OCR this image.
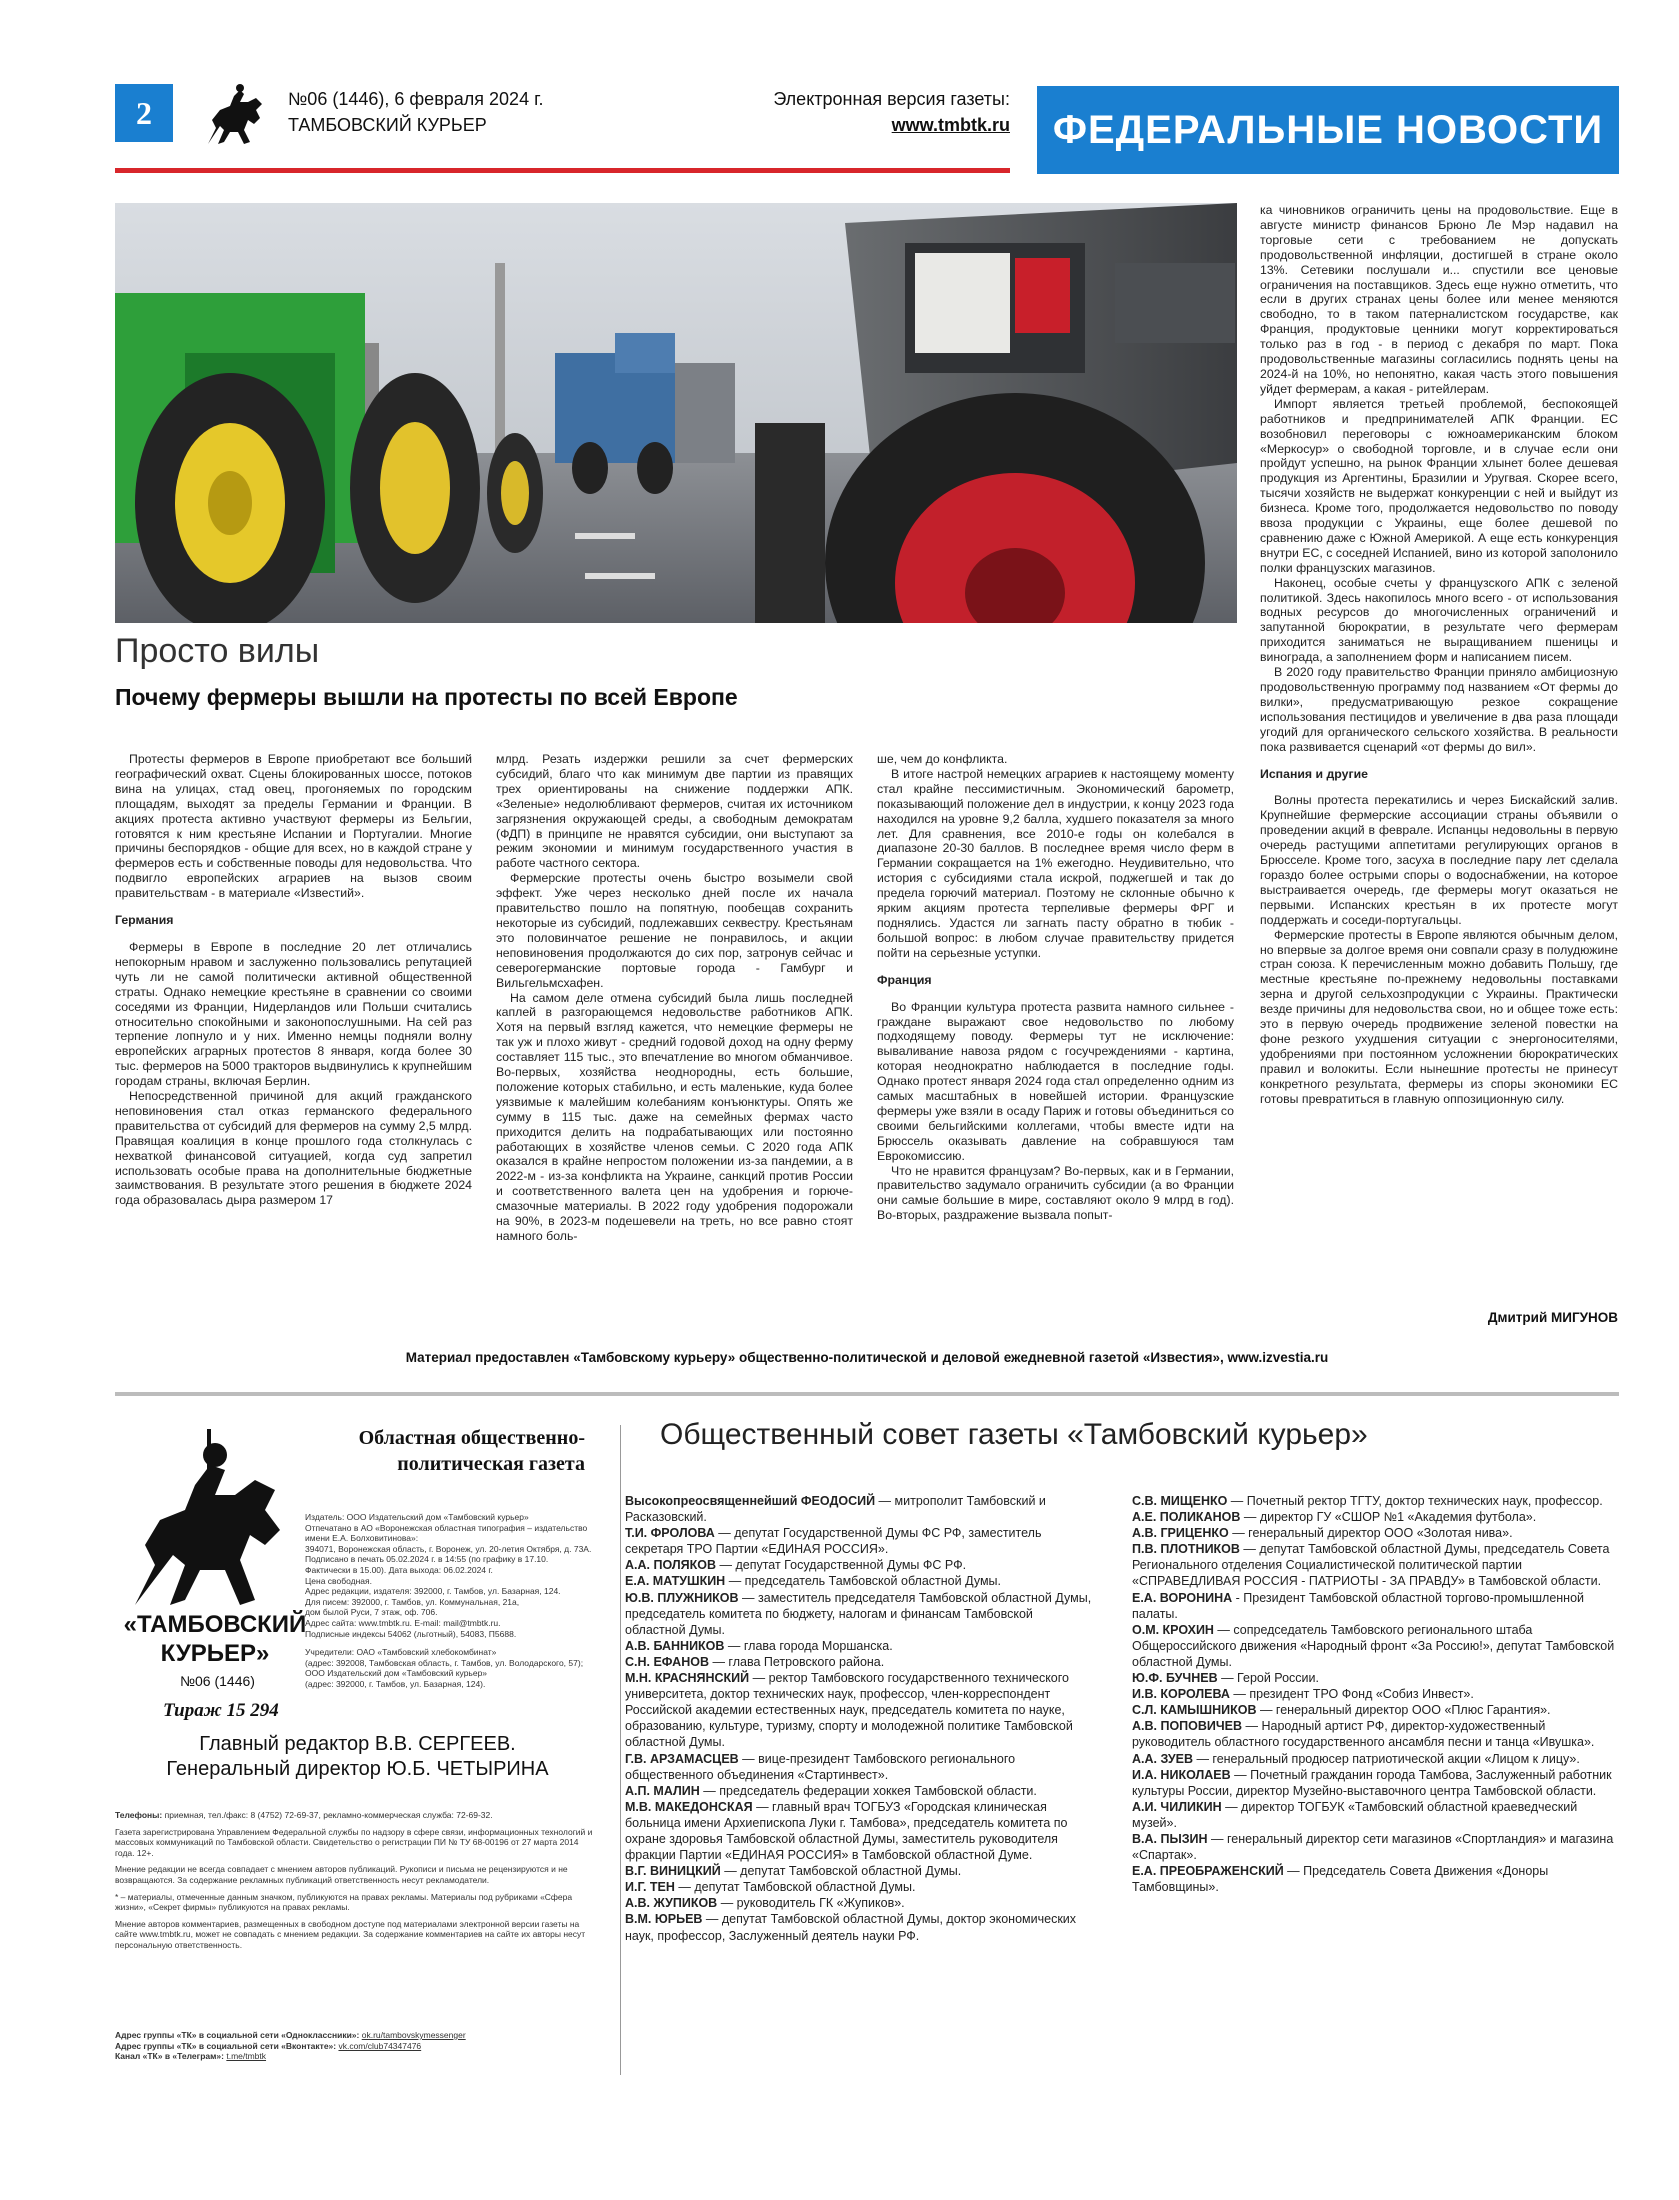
2	№06 (1446), 6 февраля 2024 г.
ТАМБОВСКИЙ КУРЬЕР
Электронная версия газеты:
www.tmbtk.ru	ФЕДЕРАЛЬНЫЕ НОВОСТИ
Просто вилы
Почему фермеры вышли на протесты по всей Европе
Протесты фермеров в Европе приобретают все больший географический охват. Сцены блокированных шоссе, потоков вина на улицах, стад овец, прогоняемых по городским площадям, выходят за пределы Германии и Франции. В акциях протеста активно участвуют фермеры из Бельгии, готовятся к ним крестьяне Испании и Португалии. Многие причины беспорядков - общие для всех, но в каждой стране у фермеров есть и собственные поводы для недовольства. Что подвигло европейских аграриев на вызов своим правительствам - в материале «Известий».
Германия
Фермеры в Европе в последние 20 лет отличались непокорным нравом и заслуженно пользовались репутацией чуть ли не самой политически активной общественной страты. Однако немецкие крестьяне в сравнении со своими соседями из Франции, Нидерландов или Польши считались относительно спокойными и законопослушными. На сей раз терпение лопнуло и у них. Именно немцы подняли волну европейских аграрных протестов 8 января, когда более 30 тыс. фермеров на 5000 тракторов выдвинулись к крупнейшим городам страны, включая Берлин.
Непосредственной причиной для акций гражданского неповиновения стал отказ германского федерального правительства от субсидий для фермеров на сумму 2,5 млрд. Правящая коалиция в конце прошлого года столкнулась с нехваткой финансовой ситуацией, когда суд запретил использовать особые права на дополнительные бюджетные заимствования. В результате этого решения в бюджете 2024 года образовалась дыра размером 17
млрд. Резать издержки решили за счет фермерских субсидий, благо что как минимум две партии из правящих трех ориентированы на снижение поддержки АПК. «Зеленые» недолюбливают фермеров, считая их источником загрязнения окружающей среды, а свободным демократам (ФДП) в принципе не нравятся субсидии, они выступают за режим экономии и минимум государственного участия в работе частного сектора.
Фермерские протесты очень быстро возымели свой эффект. Уже через несколько дней после их начала правительство пошло на попятную, пообещав сохранить некоторые из субсидий, подлежавших секвестру. Крестьянам это половинчатое решение не понравилось, и акции неповиновения продолжаются до сих пор, затронув сейчас и северогерманские портовые города - Гамбург и Вильгельмсхафен.
На самом деле отмена субсидий была лишь последней каплей в разгорающемся недовольстве работников АПК. Хотя на первый взгляд кажется, что немецкие фермеры не так уж и плохо живут - средний годовой доход на одну ферму составляет 115 тыс., это впечатление во многом обманчивое. Во-первых, хозяйства неоднородны, есть большие, положение которых стабильно, и есть маленькие, куда более уязвимые к малейшим колебаниям конъюнктуры. Опять же сумму в 115 тыс. даже на семейных фермах часто приходится делить на подрабатывающих или постоянно работающих в хозяйстве членов семьи. С 2020 года АПК оказался в крайне непростом положении из-за пандемии, а в 2022-м - из-за конфликта на Украине, санкций против России и соответственного валета цен на удобрения и горюче-смазочные материалы. В 2022 году удобрения подорожали на 90%, в 2023-м подешевели на треть, но все равно стоят намного боль-
ше, чем до конфликта.
В итоге настрой немецких аграриев к настоящему моменту стал крайне пессимистичным. Экономический барометр, показывающий положение дел в индустрии, к концу 2023 года находился на уровне 9,2 балла, худшего показателя за много лет. Для сравнения, все 2010-е годы он колебался в диапазоне 20-30 баллов. В последнее время число ферм в Германии сокращается на 1% ежегодно. Неудивительно, что история с субсидиями стала искрой, поджегшей и так до предела горючий материал. Поэтому не склонные обычно к ярким акциям протеста терпеливые фермеры ФРГ и поднялись. Удастся ли загнать пасту обратно в тюбик - большой вопрос: в любом случае правительству придется пойти на серьезные уступки.
Франция
Во Франции культура протеста развита намного сильнее - граждане выражают свое недовольство по любому подходящему поводу. Фермеры тут не исключение: вываливание навоза рядом с госучреждениями - картина, которая неоднократно наблюдается в последние годы. Однако протест января 2024 года стал определенно одним из самых масштабных в новейшей истории. Французские фермеры уже взяли в осаду Париж и готовы объединиться со своими бельгийскими коллегами, чтобы вместе идти на Брюссель оказывать давление на собравшуюся там Еврокомиссию.
Что не нравится французам? Во-первых, как и в Германии, правительство задумало ограничить субсидии (а во Франции они самые большие в мире, составляют около 9 млрд в год). Во-вторых, раздражение вызвала попыт-
ка чиновников ограничить цены на продовольствие. Еще в августе министр финансов Брюно Ле Мэр надавил на торговые сети с требованием не допускать продовольственной инфляции, достигшей в стране около 13%. Сетевики послушали и... спустили все ценовые ограничения на поставщиков. Здесь еще нужно отметить, что если в других странах цены более или менее меняются свободно, то в таком патерналистском государстве, как Франция, продуктовые ценники могут корректироваться только раз в год - в период с декабря по март. Пока продовольственные магазины согласились поднять цены на 2024-й на 10%, но непонятно, какая часть этого повышения уйдет фермерам, а какая - ритейлерам.
Импорт является третьей проблемой, беспокоящей работников и предпринимателей АПК Франции. ЕС возобновил переговоры с южноамериканским блоком «Меркосур» о свободной торговле, и в случае если они пройдут успешно, на рынок Франции хлынет более дешевая продукция из Аргентины, Бразилии и Уругвая. Скорее всего, тысячи хозяйств не выдержат конкуренции с ней и выйдут из бизнеса. Кроме того, продолжается недовольство по поводу ввоза продукции с Украины, еще более дешевой по сравнению даже с Южной Америкой. А еще есть конкуренция внутри ЕС, с соседней Испанией, вино из которой заполонило полки французских магазинов.
Наконец, особые счеты у французского АПК с зеленой политикой. Здесь накопилось много всего - от использования водных ресурсов до многочисленных ограничений и запутанной бюрократии, в результате чего фермерам приходится заниматься не выращиванием пшеницы и винограда, а заполнением форм и написанием писем.
В 2020 году правительство Франции приняло амбициозную продовольственную программу под названием «От фермы до вилки», предусматривающую резкое сокращение использования пестицидов и увеличение в два раза площади угодий для органического сельского хозяйства. В реальности пока развивается сценарий «от фермы до вил».
Испания и другие
Волны протеста перекатились и через Бискайский залив. Крупнейшие фермерские ассоциации страны объявили о проведении акций в феврале. Испанцы недовольны в первую очередь растущими аппетитами регулирующих органов в Брюсселе. Кроме того, засуха в последние пару лет сделала гораздо более острыми споры о водоснабжении, на которое выстраивается очередь, где фермеры могут оказаться не первыми. Испанских крестьян в их протесте могут поддержать и соседи-португальцы.
Фермерские протесты в Европе являются обычным делом, но впервые за долгое время они совпали сразу в полудюжине стран союза. К перечисленным можно добавить Польшу, где местные крестьяне по-прежнему недовольны поставками зерна и другой сельхозпродукции с Украины. Практически везде причины для недовольства свои, но и общее тоже есть: это в первую очередь продвижение зеленой повестки на фоне резкого ухудшения ситуации с энергоносителями, удобрениями при постоянном усложнении бюрократических правил и волокиты. Если нынешние протесты не принесут конкретного результата, фермеры из споры экономики ЕС готовы превратиться в главную оппозиционную силу.
Дмитрий МИГУНОВ
Материал предоставлен «Тамбовскому курьеру» общественно-политической и деловой ежедневной газетой «Известия», www.izvestia.ru
Областная общественно-политическая газета
Издатель: ООО Издательский дом «Тамбовский курьер»
Отпечатано в АО «Воронежская областная типография – издательство имени Е.А. Болховитинова»:
394071, Воронежская область, г. Воронеж, ул. 20-летия Октября, д. 73А.
Подписано в печать 05.02.2024 г. в 14:55 (по графику в 17.10.
Фактически в 15.00). Дата выхода: 06.02.2024 г.
Цена свободная.
Адрес редакции, издателя: 392000, г. Тамбов, ул. Базарная, 124.
Для писем: 392000, г. Тамбов, ул. Коммунальная, 21а,
дом былой Руси, 7 этаж, оф. 706.
Адрес сайта: www.tmbtk.ru. E-mail: mail@tmbtk.ru.
Подписные индексы 54062 (льготный), 54083, П5688.
Учредители: ОАО «Тамбовский хлебокомбинат»
(адрес: 392008, Тамбовская область, г. Тамбов, ул. Володарского, 57);
ООО Издательский дом «Тамбовский курьер»
(адрес: 392000, г. Тамбов, ул. Базарная, 124).
«ТАМБОВСКИЙ
КУРЬЕР»
№06 (1446)
Тираж 15 294
Главный редактор В.В. СЕРГЕЕВ.
Генеральный директор Ю.Б. ЧЕТЫРИНА
Телефоны: приемная, тел./факс: 8 (4752) 72-69-37, рекламно-коммерческая служба: 72-69-32.
Газета зарегистрирована Управлением Федеральной службы по надзору в сфере связи, информационных технологий и массовых коммуникаций по Тамбовской области. Свидетельство о регистрации ПИ № ТУ 68-00196 от 27 марта 2014 года. 12+.
Мнение редакции не всегда совпадает с мнением авторов публикаций. Рукописи и письма не рецензируются и не возвращаются. За содержание рекламных публикаций ответственность несут рекламодатели.
* – материалы, отмеченные данным значком, публикуются на правах рекламы. Материалы под рубриками «Сфера жизни», «Секрет фирмы» публикуются на правах рекламы.
Мнение авторов комментариев, размещенных в свободном доступе под материалами электронной версии газеты на сайте www.tmbtk.ru, может не совпадать с мнением редакции. За содержание комментариев на сайте их авторы несут персональную ответственность.
Адрес группы «ТК» в социальной сети «Одноклассники»: ok.ru/tambovskymessenger
Адрес группы «ТК» в социальной сети «Вконтакте»: vk.com/club74347476
Канал «ТК» в «Телеграм»: t.me/tmbtk
Общественный совет газеты «Тамбовский курьер»
Высокопреосвященнейший ФЕОДОСИЙ — митрополит Тамбовский и Расказовский.
Т.И. ФРОЛОВА — депутат Государственной Думы ФС РФ, заместитель секретаря ТРО Партии «ЕДИНАЯ РОССИЯ».
А.А. ПОЛЯКОВ — депутат Государственной Думы ФС РФ.
Е.А. МАТУШКИН — председатель Тамбовской областной Думы.
Ю.В. ПЛУЖНИКОВ — заместитель председателя Тамбовской областной Думы, председатель комитета по бюджету, налогам и финансам Тамбовской областной Думы.
А.В. БАННИКОВ — глава города Моршанска.
С.Н. ЕФАНОВ — глава Петровского района.
М.Н. КРАСНЯНСКИЙ — ректор Тамбовского государственного технического университета, доктор технических наук, профессор, член-корреспондент Российской академии естественных наук, председатель комитета по науке, образованию, культуре, туризму, спорту и молодежной политике Тамбовской областной Думы.
Г.В. АРЗАМАСЦЕВ — вице-президент Тамбовского регионального общественного объединения «Стартинвест».
А.П. МАЛИН — председатель федерации хоккея Тамбовской области.
М.В. МАКЕДОНСКАЯ — главный врач ТОГБУЗ «Городская клиническая больница имени Архиепископа Луки г. Тамбова», председатель комитета по охране здоровья Тамбовской областной Думы, заместитель руководителя фракции Партии «ЕДИНАЯ РОССИЯ» в Тамбовской областной Думе.
В.Г. ВИНИЦКИЙ — депутат Тамбовской областной Думы.
И.Г. ТЕН — депутат Тамбовской областной Думы.
А.В. ЖУПИКОВ — руководитель ГК «Жупиков».
В.М. ЮРЬЕВ — депутат Тамбовской областной Думы, доктор экономических наук, профессор, Заслуженный деятель науки РФ.
С.В. МИЩЕНКО — Почетный ректор ТГТУ, доктор технических наук, профессор.
А.Е. ПОЛИКАНОВ — директор ГУ «СШОР №1 «Академия футбола».
А.В. ГРИЦЕНКО — генеральный директор ООО «Золотая нива».
П.В. ПЛОТНИКОВ — депутат Тамбовской областной Думы, председатель Совета Регионального отделения Социалистической политической партии «СПРАВЕДЛИВАЯ РОССИЯ - ПАТРИОТЫ - ЗА ПРАВДУ» в Тамбовской области.
Е.А. ВОРОНИНА - Президент Тамбовской областной торгово-промышленной палаты.
О.М. КРОХИН — сопредседатель Тамбовского регионального штаба Общероссийского движения «Народный фронт «За Россию!», депутат Тамбовской областной Думы.
Ю.Ф. БУЧНЕВ — Герой России.
И.В. КОРОЛЕВА — президент ТРО Фонд «Собиз Инвест».
С.Л. КАМЫШНИКОВ — генеральный директор ООО «Плюс Гарантия».
А.В. ПОПОВИЧЕВ — Народный артист РФ, директор-художественный руководитель областного государственного ансамбля песни и танца «Ивушка».
А.А. ЗУЕВ — генеральный продюсер патриотической акции «Лицом к лицу».
И.А. НИКОЛАЕВ — Почетный гражданин города Тамбова, Заслуженный работник культуры России, директор Музейно-выставочного центра Тамбовской области.
А.И. ЧИЛИКИН — директор ТОГБУК «Тамбовский областной краеведческий музей».
В.А. ПЫЗИН — генеральный директор сети магазинов «Спортландия» и магазина «Спартак».
Е.А. ПРЕОБРАЖЕНСКИЙ — Председатель Совета Движения «Доноры Тамбовщины».
